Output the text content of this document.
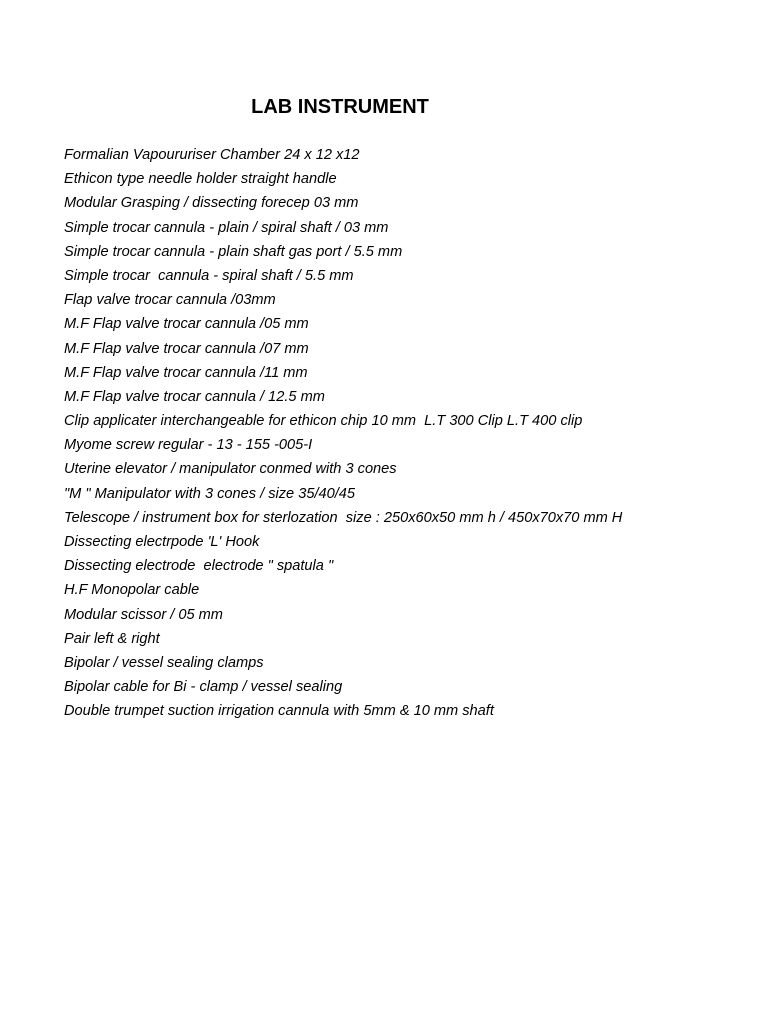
LAB INSTRUMENT
Formalian Vapoururiser Chamber 24 x 12 x12
Ethicon type needle holder straight handle
Modular Grasping / dissecting forecep 03 mm
Simple trocar cannula - plain / spiral shaft / 03 mm
Simple trocar cannula - plain shaft gas port / 5.5 mm
Simple trocar  cannula - spiral shaft / 5.5 mm
Flap valve trocar cannula /03mm
M.F Flap valve trocar cannula /05 mm
M.F Flap valve trocar cannula /07 mm
M.F Flap valve trocar cannula /11 mm
M.F Flap valve trocar cannula / 12.5 mm
Clip applicater interchangeable for ethicon chip 10 mm  L.T 300 Clip L.T 400 clip
Myome screw regular - 13 - 155 -005-I
Uterine elevator / manipulator conmed with 3 cones
"M " Manipulator with 3 cones / size 35/40/45
Telescope / instrument box for sterlozation  size : 250x60x50 mm h / 450x70x70 mm H
Dissecting electrpode 'L' Hook
Dissecting electrode  electrode " spatula "
H.F Monopolar cable
Modular scissor / 05 mm
Pair left & right
Bipolar / vessel sealing clamps
Bipolar cable for Bi - clamp / vessel sealing
Double trumpet suction irrigation cannula with 5mm & 10 mm shaft
